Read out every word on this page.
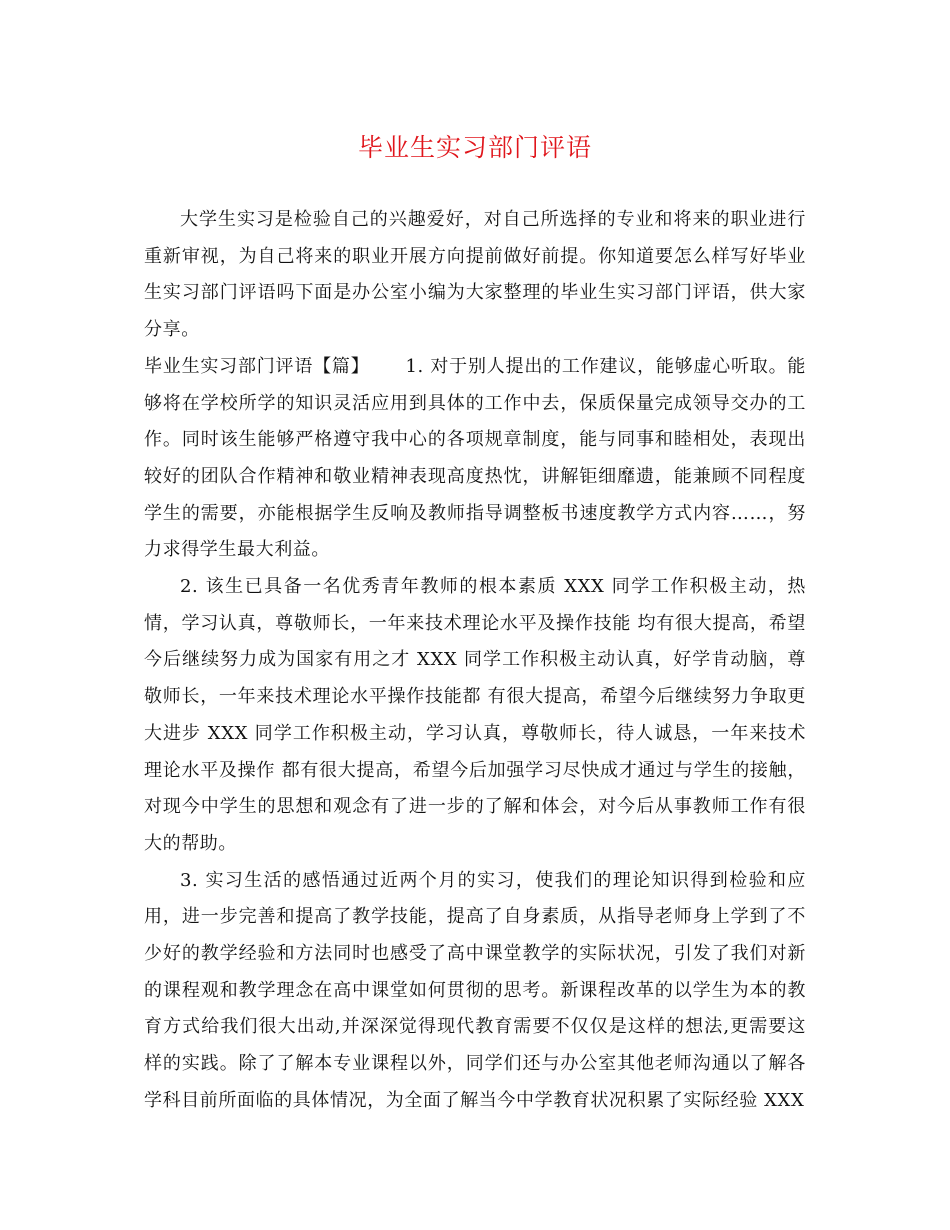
毕业生实习部门评语

大学生实习是检验自己的兴趣爱好，对自己所选择的专业和将来的职业进行重新审视，为自己将来的职业开展方向提前做好前提。你知道要怎么样写好毕业生实习部门评语吗下面是办公室小编为大家整理的毕业生实习部门评语，供大家分享。

毕业生实习部门评语【篇】 1. 对于别人提出的工作建议，能够虚心听取。能够将在学校所学的知识灵活应用到具体的工作中去，保质保量完成领导交办的工作。同时该生能够严格遵守我中心的各项规章制度，能与同事和睦相处，表现出较好的团队合作精神和敬业精神表现高度热忱，讲解钜细靡遗，能兼顾不同程度学生的需要，亦能根据学生反响及教师指导调整板书速度教学方式内容……，努力求得学生最大利益。

2. 该生已具备一名优秀青年教师的根本素质 XXX 同学工作积极主动，热情，学习认真，尊敬师长，一年来技术理论水平及操作技能 均有很大提高，希望今后继续努力成为国家有用之才 XXX 同学工作积极主动认真，好学肯动脑，尊敬师长，一年来技术理论水平操作技能都 有很大提高，希望今后继续努力争取更大进步 XXX 同学工作积极主动，学习认真，尊敬师长，待人诚恳，一年来技术理论水平及操作 都有很大提高，希望今后加强学习尽快成才通过与学生的接触，对现今中学生的思想和观念有了进一步的了解和体会，对今后从事教师工作有很大的帮助。

3. 实习生活的感悟通过近两个月的实习，使我们的理论知识得到检验和应用，进一步完善和提高了教学技能，提高了自身素质，从指导老师身上学到了不少好的教学经验和方法同时也感受了高中课堂教学的实际状况，引发了我们对新的课程观和教学理念在高中课堂如何贯彻的思考。新课程改革的以学生为本的教育方式给我们很大出动,并深深觉得现代教育需要不仅仅是这样的想法,更需要这样的实践。除了了解本专业课程以外，同学们还与办公室其他老师沟通以了解各学科目前所面临的具体情况，为全面了解当今中学教育状况积累了实际经验 XXX
